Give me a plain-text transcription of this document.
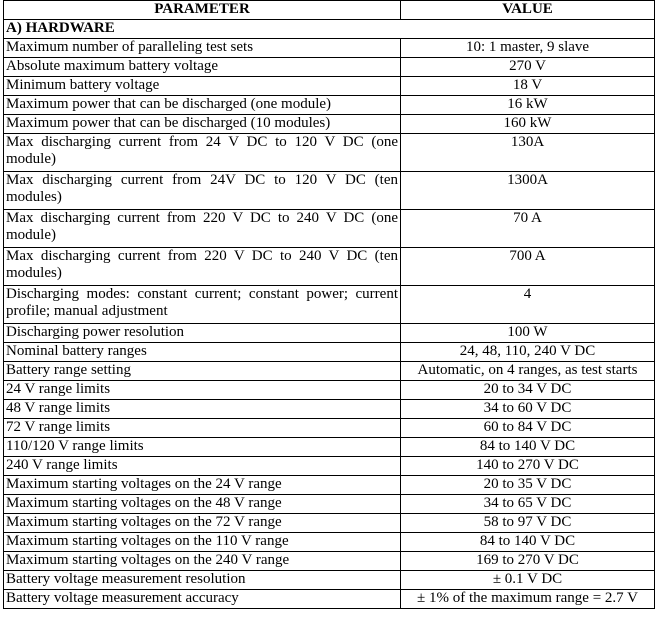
PARAMETER	VALUE
A) HARDWARE	
Maximum number of paralleling test sets	10: 1 master, 9 slave
Absolute maximum battery voltage	270 V
Minimum battery voltage	18 V
Maximum power that can be discharged (one module)	16 kW
Maximum power that can be discharged (10 modules)	160 kW
Max discharging current from 24 V DC to 120 V DC (one module)	130A
Max discharging current from 24V DC to 120 V DC (ten modules)	1300A
Max discharging current from 220 V DC to 240 V DC (one module)	70 A
Max discharging current from 220 V DC to 240 V DC (ten modules)	700 A
Discharging modes: constant current; constant power; current profile; manual adjustment	4
Discharging power resolution	100 W
Nominal battery ranges	24, 48, 110, 240 V DC
Battery range setting	Automatic, on 4 ranges, as test starts
24 V range limits	20 to 34 V DC
48 V range limits	34 to 60 V DC
72 V range limits	60 to 84 V DC
110/120 V range limits	84 to 140 V DC
240 V range limits	140 to 270 V DC
Maximum starting voltages on the 24 V range	20 to 35 V DC
Maximum starting voltages on the 48 V range	34 to 65 V DC
Maximum starting voltages on the 72 V range	58 to 97 V DC
Maximum starting voltages on the 110 V range	84 to 140 V DC
Maximum starting voltages on the 240 V range	169 to 270 V DC
Battery voltage measurement resolution	± 0.1 V DC
Battery voltage measurement accuracy	± 1% of the maximum range = 2.7 V
